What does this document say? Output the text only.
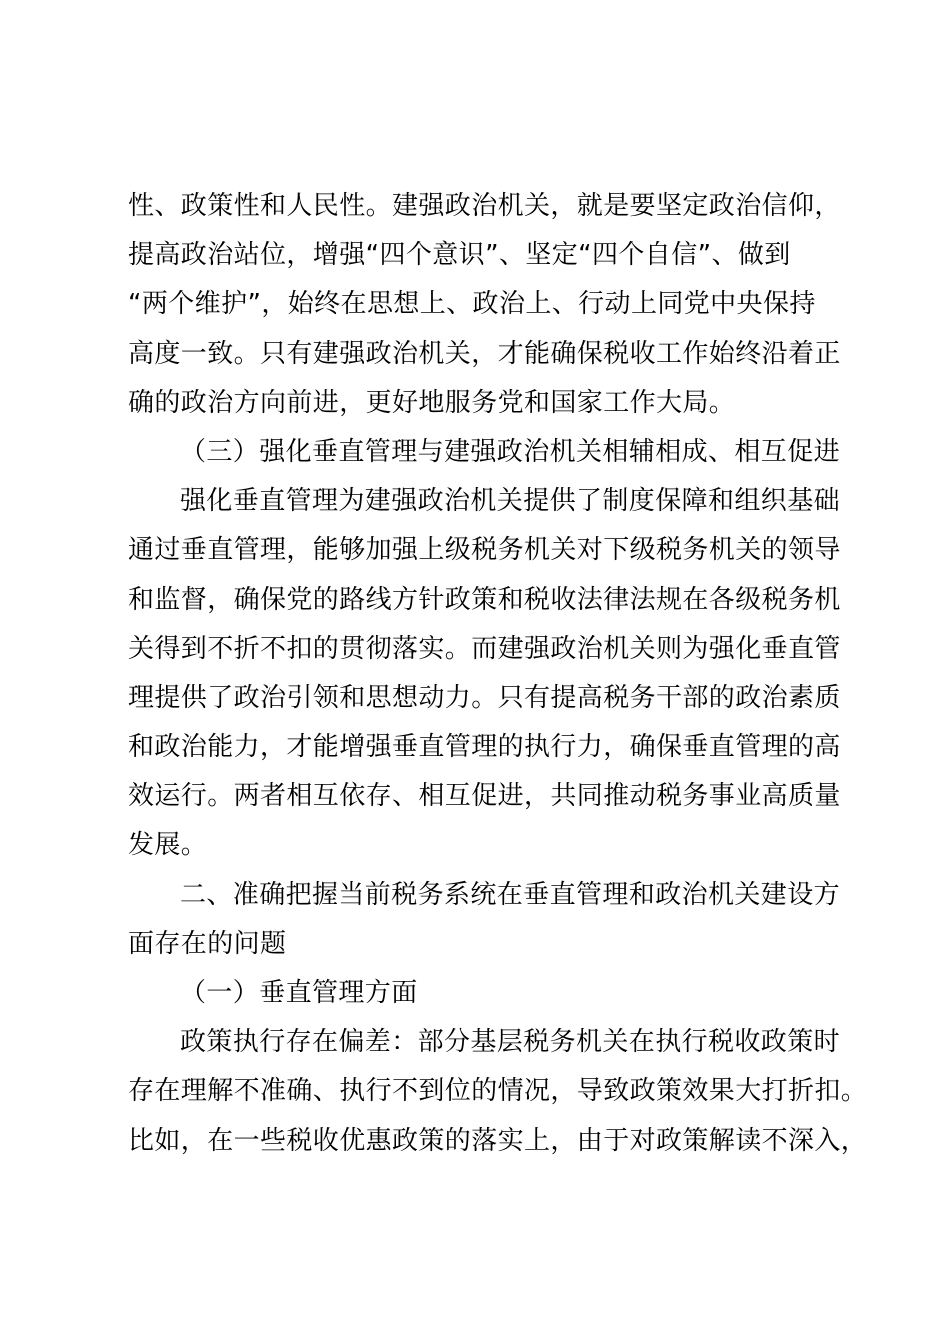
性、政策性和人民性。建强政治机关，就是要坚定政治信仰，
提高政治站位，增强“四个意识”、坚定“四个自信”、做到
“两个维护”，始终在思想上、政治上、行动上同党中央保持
高度一致。只有建强政治机关，才能确保税收工作始终沿着正
确的政治方向前进，更好地服务党和国家工作大局。
（三）强化垂直管理与建强政治机关相辅相成、相互促进
强化垂直管理为建强政治机关提供了制度保障和组织基础
通过垂直管理，能够加强上级税务机关对下级税务机关的领导
和监督，确保党的路线方针政策和税收法律法规在各级税务机
关得到不折不扣的贯彻落实。而建强政治机关则为强化垂直管
理提供了政治引领和思想动力。只有提高税务干部的政治素质
和政治能力，才能增强垂直管理的执行力，确保垂直管理的高
效运行。两者相互依存、相互促进，共同推动税务事业高质量
发展。
二、准确把握当前税务系统在垂直管理和政治机关建设方
面存在的问题
（一）垂直管理方面
政策执行存在偏差：部分基层税务机关在执行税收政策时
存在理解不准确、执行不到位的情况，导致政策效果大打折扣。
比如，在一些税收优惠政策的落实上，由于对政策解读不深入，
